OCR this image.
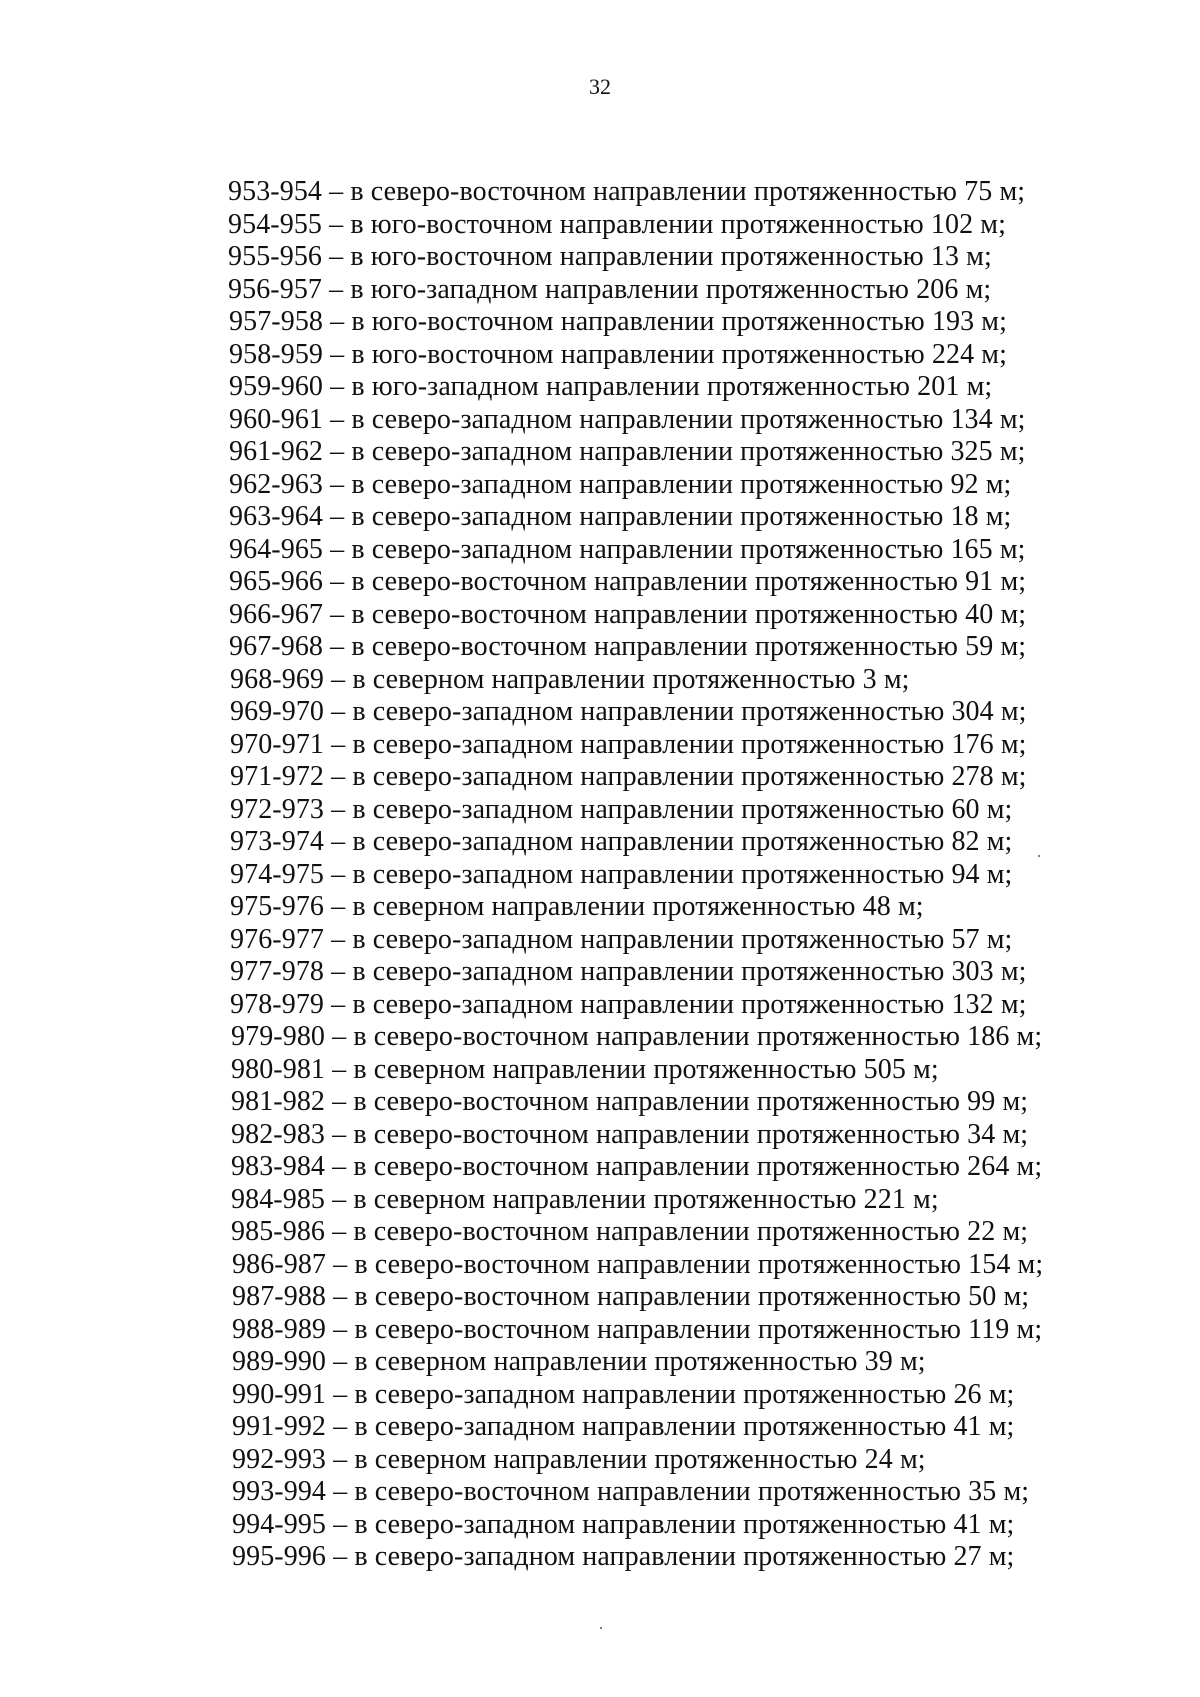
32
953-954 – в северо-восточном направлении протяженностью 75 м;
954-955 – в юго-восточном направлении протяженностью 102 м;
955-956 – в юго-восточном направлении протяженностью 13 м;
956-957 – в юго-западном направлении протяженностью 206 м;
957-958 – в юго-восточном направлении протяженностью 193 м;
958-959 – в юго-восточном направлении протяженностью 224 м;
959-960 – в юго-западном направлении протяженностью 201 м;
960-961 – в северо-западном направлении протяженностью 134 м;
961-962 – в северо-западном направлении протяженностью 325 м;
962-963 – в северо-западном направлении протяженностью 92 м;
963-964 – в северо-западном направлении протяженностью 18 м;
964-965 – в северо-западном направлении протяженностью 165 м;
965-966 – в северо-восточном направлении протяженностью 91 м;
966-967 – в северо-восточном направлении протяженностью 40 м;
967-968 – в северо-восточном направлении протяженностью 59 м;
968-969 – в северном направлении протяженностью 3 м;
969-970 – в северо-западном направлении протяженностью 304 м;
970-971 – в северо-западном направлении протяженностью 176 м;
971-972 – в северо-западном направлении протяженностью 278 м;
972-973 – в северо-западном направлении протяженностью 60 м;
973-974 – в северо-западном направлении протяженностью 82 м;
974-975 – в северо-западном направлении протяженностью 94 м;
975-976 – в северном направлении протяженностью 48 м;
976-977 – в северо-западном направлении протяженностью 57 м;
977-978 – в северо-западном направлении протяженностью 303 м;
978-979 – в северо-западном направлении протяженностью 132 м;
979-980 – в северо-восточном направлении протяженностью 186 м;
980-981 – в северном направлении протяженностью 505 м;
981-982 – в северо-восточном направлении протяженностью 99 м;
982-983 – в северо-восточном направлении протяженностью 34 м;
983-984 – в северо-восточном направлении протяженностью 264 м;
984-985 – в северном направлении протяженностью 221 м;
985-986 – в северо-восточном направлении протяженностью 22 м;
986-987 – в северо-восточном направлении протяженностью 154 м;
987-988 – в северо-восточном направлении протяженностью 50 м;
988-989 – в северо-восточном направлении протяженностью 119 м;
989-990 – в северном направлении протяженностью 39 м;
990-991 – в северо-западном направлении протяженностью 26 м;
991-992 – в северо-западном направлении протяженностью 41 м;
992-993 – в северном направлении протяженностью 24 м;
993-994 – в северо-восточном направлении протяженностью 35 м;
994-995 – в северо-западном направлении протяженностью 41 м;
995-996 – в северо-западном направлении протяженностью 27 м;
